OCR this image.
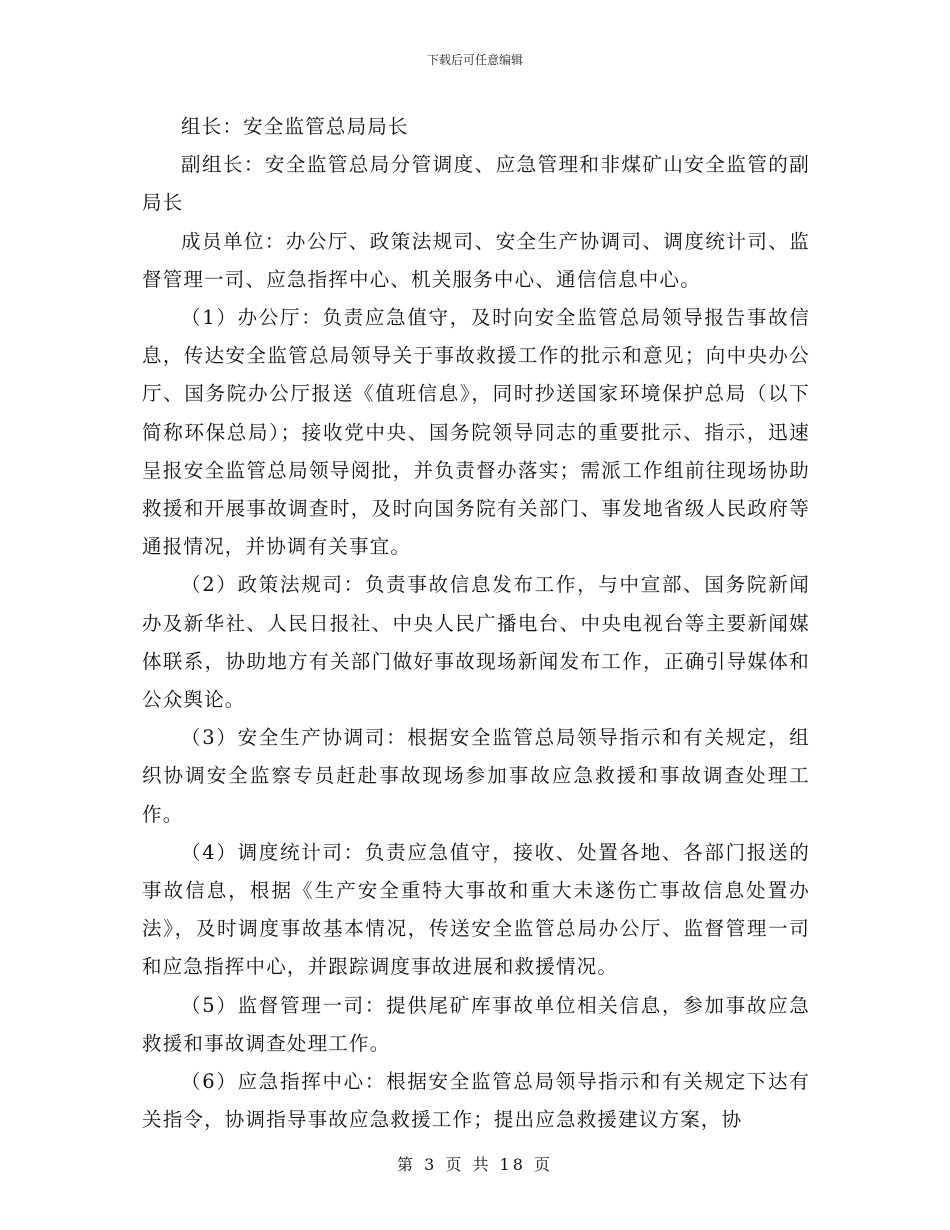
下载后可任意编辑

组长：安全监管总局局长

副组长：安全监管总局分管调度、应急管理和非煤矿山安全监管的副局长

成员单位：办公厅、政策法规司、安全生产协调司、调度统计司、监督管理一司、应急指挥中心、机关服务中心、通信信息中心。

（1）办公厅：负责应急值守，及时向安全监管总局领导报告事故信息，传达安全监管总局领导关于事故救援工作的批示和意见；向中央办公厅、国务院办公厅报送《值班信息》，同时抄送国家环境保护总局（以下简称环保总局）；接收党中央、国务院领导同志的重要批示、指示，迅速呈报安全监管总局领导阅批，并负责督办落实；需派工作组前往现场协助救援和开展事故调查时，及时向国务院有关部门、事发地省级人民政府等通报情况，并协调有关事宜。

（2）政策法规司：负责事故信息发布工作，与中宣部、国务院新闻办及新华社、人民日报社、中央人民广播电台、中央电视台等主要新闻媒体联系，协助地方有关部门做好事故现场新闻发布工作，正确引导媒体和公众舆论。

（3）安全生产协调司：根据安全监管总局领导指示和有关规定，组织协调安全监察专员赶赴事故现场参加事故应急救援和事故调查处理工作。

（4）调度统计司：负责应急值守，接收、处置各地、各部门报送的事故信息，根据《生产安全重特大事故和重大未遂伤亡事故信息处置办法》，及时调度事故基本情况，传送安全监管总局办公厅、监督管理一司和应急指挥中心，并跟踪调度事故进展和救援情况。

（5）监督管理一司：提供尾矿库事故单位相关信息，参加事故应急救援和事故调查处理工作。

（6）应急指挥中心：根据安全监管总局领导指示和有关规定下达有关指令，协调指导事故应急救援工作；提出应急救援建议方案，协

第 3 页 共 18 页
